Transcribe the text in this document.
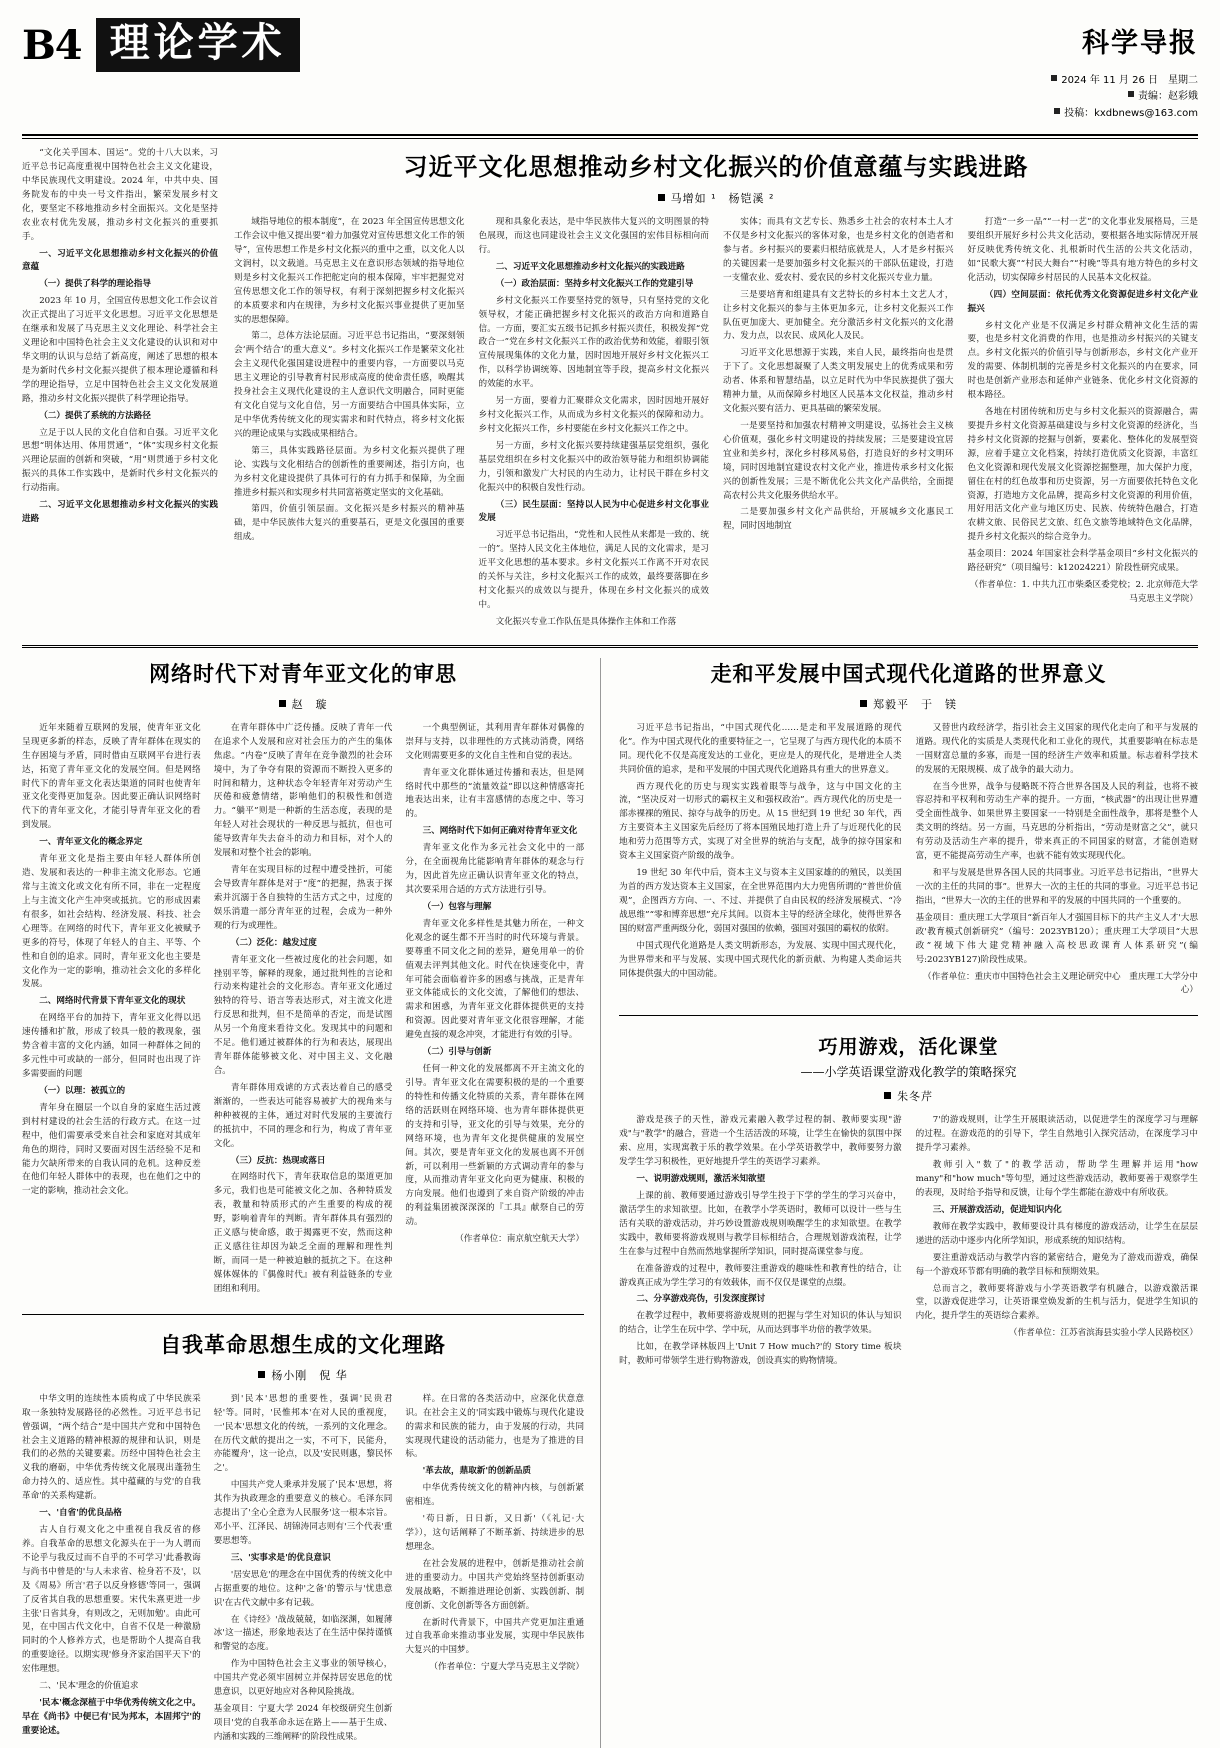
B4 理论学术	科学导报
2024 年 11 月 26 日　星期二
责编：赵彩娥
投稿：kxdbnews@163.com

“文化关乎国本、国运”。党的十八大以来，习近平总书记高度重视中国特色社会主义文化建设，中华民族现代文明建设。2024 年，中共中央、国务院发布的中央一号文件指出，繁荣发展乡村文化，要坚定不移地推动乡村全面振兴。文化是坚持农业农村优先发展，推动乡村文化振兴的重要抓手。

一、习近平文化思想推动乡村文化振兴的价值意蕴

（一）提供了科学的理论指导

2023 年 10 月，全国宣传思想文化工作会议首次正式提出了习近平文化思想。习近平文化思想是在继承和发展了马克思主义文化理论、科学社会主义理论和中国特色社会主义文化建设的认识和对中华文明的认识与总结了新高度，阐述了思想的根本是为新时代乡村文化振兴提供了根本理论遵循和科学的理论指导，立足中国特色社会主义文化发展道路，推动乡村文化振兴提供了科学理论指导。

（二）提供了系统的方法路径

立足于以人民的文化自信和自强。习近平文化思想“明体达用、体用贯通”，“体”实现乡村文化振兴理论层面的创新和突破，“用”则贯通于乡村文化振兴的具体工作实践中，是新时代乡村文化振兴的行动指南。

二、习近平文化思想推动乡村文化振兴的实践进路

习近平文化思想推动乡村文化振兴的价值意蕴与实践进路
马增如 ¹　杨铠溪 ²

域指导地位的根本制度”，在 2023 年全国宣传思想文化工作会议中他又提出要“着力加强党对宣传思想文化工作的领导”，宣传思想工作是乡村文化振兴的重中之重，以文化人以文润村，以文载道。马克思主义在意识形态领域的指导地位则是乡村文化振兴工作把舵定向的根本保障，牢牢把握党对宣传思想文化工作的领导权，有利于深刻把握乡村文化振兴的本质要求和内在规律，为乡村文化振兴事业提供了更加坚实的思想保障。

第二，总体方法论层面。习近平总书记指出，“要深刻领会‘两个结合’的重大意义”。乡村文化振兴工作是繁荣文化社会主义现代化强国建设进程中的重要内容，一方面要以马克思主义理论的引导教育村民形成高度的使命责任感，唤醒其投身社会主义现代化建设的主人意识代文明融合，同时更能有文化自觉与文化自信，另一方面要结合中国具体实际，立足中华优秀传统文化的现实需求和时代特点，将乡村文化振兴的理论成果与实践成果相结合。

第三，具体实践路径层面。为乡村文化振兴提供了理论、实践与文化相结合的创新性的重要阐述，指引方向，也为乡村文化建设提供了具体可行的有力抓手和保障，为全面推进乡村振兴和实现乡村共同富裕奠定坚实的文化基础。

第四，价值引领层面。文化振兴是乡村振兴的精神基础，是中华民族伟大复兴的重要基石，更是文化强国的重要组成。

现和具象化表达，是中华民族伟大复兴的文明图景的特色展现，而这也同建设社会主义文化强国的宏伟目标相向而行。

二、习近平文化思想推动乡村文化振兴的实践进路

（一）政治层面：坚持乡村文化振兴工作的党建引导

乡村文化振兴工作要坚持党的领导，只有坚持党的文化领导权，才能正确把握乡村文化振兴的政治方向和道路自信。一方面，要汇实五级书记抓乡村振兴责任，积极发挥“党政合一”党在乡村文化振兴工作的政治优势和效能，着眼引领宣传展现集体的文化力量，因时因地开展好乡村文化振兴工作，以科学协调统筹、因地制宜等手段，提高乡村文化振兴的效能的水平。

另一方面，要着力汇聚群众文化需求，因时因地开展好乡村文化振兴工作，从而成为乡村文化振兴的保障和动力。乡村文化振兴工作，乡村要能在乡村文化振兴工作之中。

另一方面，乡村文化振兴要持续建强基层党组织，强化基层党组织在乡村文化振兴中的政治领导能力和组织协调能力，引领和激发广大村民的内生动力，让村民干群在乡村文化振兴中的积极自发性行动。

（三）民生层面：坚持以人民为中心促进乡村文化事业发展

习近平总书记指出，“党性和人民性从来都是一致的、统一的”。坚持人民文化主体地位，满足人民的文化需求，是习近平文化思想的基本要求。乡村文化振兴工作离不开对农民的关怀与关注，乡村文化振兴工作的成效，最终要落脚在乡村文化振兴的成效以与提升，体现在乡村文化振兴的成效中。

文化振兴专业工作队伍是具体操作主体和工作落

实体；而具有文艺专长、熟悉乡土社会的农村本土人才不仅是乡村文化振兴的客体对象，也是乡村文化的创造者和参与者。乡村振兴的要素归根结底就是人，人才是乡村振兴的关键因素一是要加强乡村文化振兴的干部队伍建设，打造一支懂农业、爱农村、爱农民的乡村文化振兴专业力量。

三是要培育和组建具有文艺特长的乡村本土文艺人才，让乡村文化振兴的参与主体更加多元，让乡村文化振兴工作队伍更加庞大、更加健全。充分激活乡村文化振兴的文化潜力、发力点，以农民、成风化人及民。

习近平文化思想源于实践，来自人民，最终指向也是贯于下了。文化思想凝聚了人类文明发展史上的优秀成果和劳动者、体系和智慧结晶，以立足时代为中华民族提供了强大精神力量，从而保障乡村地区人民基本文化权益，推动乡村文化振兴要有活力、更具基础的繁荣发展。

一是要坚持和加强农村精神文明建设，弘扬社会主义核心价值观，强化乡村文明建设的持续发展；三是要建设宜居宜业和美乡村，深化乡村移风易俗，打造良好的乡村文明环境，同时因地制宜建设农村文化产业，推进传承乡村文化振兴的创新性发展；三是不断优化公共文化产品供给，全面提高农村公共文化服务供给水平。

二是要加强乡村文化产品供给，开展城乡文化惠民工程，同时因地制宜

打造“一乡一品”“一村一艺”的文化事业发展格局，三是要组织开展好乡村公共文化活动，要根据各地实际情况开展好反映优秀传统文化、扎根新时代生活的公共文化活动，如“民歌大赛”“村民大舞台”“村晚”等具有地方特色的乡村文化活动，切实保障乡村居民的人民基本文化权益。

（四）空间层面：依托优秀文化资源促进乡村文化产业振兴

乡村文化产业是不仅满足乡村群众精神文化生活的需要，也是乡村文化消费的作用，也是推动乡村振兴的关键支点。乡村文化振兴的价值引导与创新形态，乡村文化产业开发的需要、体制机制的完善是乡村文化振兴的内在要求，同时也是创新产业形态和延伸产业链条、优化乡村文化资源的根本路径。

各地在村团传统和历史与乡村文化振兴的资源融合，需要提升乡村文化资源基础建设与乡村文化资源的经济化，当持乡村文化资源的挖掘与创新，要素化、整体化的发展型资源，应着手建立文化档案，持续打造优质文化资源，丰富红色文化资源和现代发展文化资源挖掘整理，加大保护力度，留住在村的红色故事和历史资源，另一方面要依托特色文化资源，打造地方文化品牌，提高乡村文化资源的利用价值，用好用活文化产业与地区历史、民族、传统特色融合，打造农耕文旅、民俗民艺文旅、红色文旅等地域特色文化品牌，提升乡村文化振兴的综合竞争力。

基金项目：2024 年国家社会科学基金项目“乡村文化振兴的路径研究”（项目编号：k12024221）阶段性研究成果。

（作者单位：1. 中共九江市柴桑区委党校；2. 北京师范大学马克思主义学院）

网络时代下对青年亚文化的审思
赵　璇

近年来随着互联网的发展，使青年亚文化呈现更多新的样态，反映了青年群体在现实的生存困境与矛盾，同时借由互联网平台进行表达，拓宽了青年亚文化的发展空间。但是网络时代下的青年亚文化表达渠道的同时也使青年亚文化变得更加复杂。因此要正确认识网络时代下的青年亚文化，才能引导青年亚文化的看到发展。

一、青年亚文化的概念界定

青年亚文化是指主要由年轻人群体所创造、发展和表达的一种非主流文化形态。它通常与主流文化或文化有所不同，非在一定程度上与主流文化产生冲突或抵抗。它的形成因素有很多，如社会结构、经济发展、科技、社会心理等。在网络的时代下，青年亚文化被赋予更多的符号，体现了年轻人的自主、平等、个性和自创的追求。同时，青年亚文化也主要是文化作为一定的影响，推动社会文化的多样化发展。

二、网络时代背景下青年亚文化的现状

在网络平台的加持下，青年亚文化得以迅速传播和扩散，形成了较具一般的教现象，强势含着丰富的文化内涵，如同一种群体之间的多元性中可或缺的一部分，但同时也出现了许多需要面的问题

（一）以理：被孤立的

青年身在圈层一个以自身的家庭生活过渡到村村建设的社会生活的行政方式。在这一过程中，他们需要承受来自社会和家庭对其成年角色的期待，同时又要面对因生活经验不足和能力欠缺所带来的自我认同的危机。这种反差在他们年轻人群体中的表现，也在他们之中的一定的影响，推动社会文化。

在青年群体中广泛传播。反映了青年一代在追求个人发展和应对社会压力的产生的集体焦虑。“内卷”反映了青年在竞争激烈的社会环境中，为了争夺有限的资源而不断投入更多的时间和精力，这种状态令年轻青年对劳动产生厌倦和疲惫情绪，影响他们的积极性和创造力。“躺平”则是一种新的生活态度，表现的是年轻人对社会现状的一种反思与抵抗，但也可能导致青年失去奋斗的动力和目标，对个人的发展和对整个社会的影响。

青年在实现目标的过程中遭受挫折，可能会导致青年群体是对于“度”的把握，热衷于探索并沉溺于各自独特的生活方式之中，过度的娱乐消遣一部分青年亚的过程，会成为一种外观的行为或理性。

（二）泛化：越发过度

青年亚文化一些被过度化的社会问题，如挫别平等，解释的现象，通过批判性的言论和行动来构建社会的文化形态。青年亚文化通过独特的符号、语言等表达形式，对主流文化进行反思和批判，但不是简单的否定，而是试图从另一个角度来看待文化。发现其中的问题和不足。他们通过被群体的行为和表达，展现出青年群体能够被文化、对中国主义、文化融合。

青年群体用戏谑的方式表达着自己的感受渐渐的，一些表达可能容易被扩大的视角来与种种被视的主体，通过对时代发展的主要流行的抵抗中，不同的理念和行为，构成了青年亚文化。

（三）反抗：热现或落日

在网络时代下，青年获取信息的渠道更加多元，我们也是可能被文化之加、各种特质发表，教量和特质形式的产生重要的构成的视野，影响着青年的判断。青年群体具有强烈的正义感与使命感，敢于揭露更不安，然而这种正义感往往却因为缺乏全面的理解和理性判断，而同一是一种被迫触的抵抗之下。在这种媒体媒体的『偶像时代』被有利益链条的专业团组和利用。

一个典型例证，其利用青年群体对偶像的崇拜与支持，以非理性的方式挑动消费，网络文化则需要更多的文化自主性和自觉的表达。

青年亚文化群体通过传播和表达，但是网络时代中那些的“流量效益”即以这种情感寄托地表达出来，让有丰富感情的态度之中、等习的。

三、网络时代下如何正确对待青年亚文化

青年亚文化作为多元社会文化中的一部分，在全面视角比能影响青年群体的观念与行为，因此首先应正确认识青年亚文化的特点，其次要采用合适的方式方法进行引导。

（一）包容与理解

青年亚文化多样性是其魅力所在，一种文化观念的诞生都不开当时的时代环境与背景。要尊重不同文化之间的差异，避免用单一的价值观去评判其他文化。时代在快速变化中，青年可能会面临着许多的困惑与挑战，正是青年亚文体能成长的文化交流，了解他们的想法、需求和困惑，为青年亚文化群体提供更的支持和资源。因此要对青年亚文化很容理解，才能避免直接的观念冲突，才能进行有效的引导。

（二）引导与创新

任何一种文化的发展都离不开主流文化的引导。青年亚文化在需要积极的是的一个重要的特性和传播文化特质的关系，青年群体在网络的活跃则在网络环境、也为青年群体提供更的支持和引导，亚文化的引导与效果，充分的网络环境，也为青年文化提供健康的发展空间。其次，要是青年亚文化的发展也离不开创新，可以利用一些新颖的方式调动青年的参与度，从而推动青年亚文化向更为健康、积极的方向发展。他们也遵到了来自资产阶级的冲击的利益集团被深深深的『工具』献祭自己的劳动。

（作者单位：南京航空航天大学）

自我革命思想生成的文化理路
杨小刚　倪 华

中华文明的连续性本质构成了中华民族采取一条独特发展路径的必然性。习近平总书记曾强调，“两个结合”是中国共产党和中国特色社会主义道路的精神根源的规律和认识，则是我们的必然的关键要素。历经中国特色社会主义我的磨砺，中华优秀传统文化展现出蓬勃生命力持久的、适应性。其中蕴藏的与党'的自我革命'的关系构建新。

一、'自省'的优良品格

古人自行观文化之中重视自我反省的修养。自我革命的思想文化源头在于一为人谓而不论乎与我反过而不自乎的不可学习'此番教诲与尚书中曾是的'与人未求省、检身若不及'，以及《周易》所言'君子以反身修德'等同一，强调了反省其自我的思想重要。宋代朱熹更进一步主张'日省其身，有则改之，无则加勉'。由此可见，在中国古代文化中，自省不仅是一种激励同时的个人修养方式，也是帮助个人提高自我的重要途径。以期实现'修身齐家治国平天下'的宏伟理想。

二、'民本'理念的价值追求

'民本'概念深植于中华优秀传统文化之中。早在《尚书》中便已有'民为邦本，本固邦宁'的重要论述。

到'民本'思想的重要性，强调'民贵君轻'等。同时，'民惟邦本'在对人民的重视度，一'民本'思想文化的传统，一系列的文化理念。在历代文献的提出之一实，不可下，民能舟，亦能覆舟'，这一论点，以及'安民则惠，黎民怀之'。

中国共产党人秉承并发展了'民本'思想，将其作为执政理念的重要意义的核心。毛泽东同志提出了'全心全意为人民服务'这一根本宗旨。邓小平、江泽民、胡锦涛同志则有'三个代表'重要思想等。

三、'实事求是'的优良意识

'居安思危'的理念在中国优秀的传统文化中占据重要的地位。这种'之备'的警示与'忧患意识'在古代文献中多有记载。

在《诗经》'战战兢兢，如临深渊，如履薄冰'这一描述，形象地表达了在生活中保持谨慎和警觉的态度。

作为中国特色社会主义事业的领导核心，中国共产党必须牢固树立并保持居安思危的忧患意识，以更好地应对各种风险挑战。

基金项目：宁夏大学 2024 年校级研究生创新项目'党的自我革命永远在路上——基于生成、内涵和实践的三维阐释'的阶段性成果。

样。在日常的各类活动中，应深化伏意意识。在社会主义的'同实践中锻炼与现代化建设的需求和民族的能力，由于发展的行动，共同实现现代建设的活动能力，也是为了推进的目标。

'革去故，鼎取新'的创新品质

中华优秀传统文化的精神内核，与创新紧密相连。

'苟日新，日日新，又日新'（《礼记·大学》），这句话阐释了不断革新、持续进步的思想理念。

在社会发展的进程中，创新是推动社会前进的重要动力。中国共产党始终坚持创新驱动发展战略，不断推进理论创新、实践创新、制度创新、文化创新等各方面创新。

在新时代背景下，中国共产党更加注重通过自我革命来推动事业发展，实现中华民族伟大复兴的中国梦。

（作者单位：宁夏大学马克思主义学院）

走和平发展中国式现代化道路的世界意义
郑毅平　于　镁

习近平总书记指出，“中国式现代化……是走和平发展道路的现代化”。作为中国式现代化的重要特征之一，它呈现了与西方现代化的本质不同。现代化不仅是高度发达的工业化，更应是人的现代化，是增进全人类共同价值的追求，是和平发展的中国式现代化道路具有重大的世界意义。

西方现代化的历史与现实实践着眼等与战争，这与中国文化的主流，“坚决反对一切形式的霸权主义和强权政治”。西方现代化的历史是一部赤裸裸的殖民、掠夺与战争的历史。从 15 世纪到 19 世纪 30 年代，西方主要资本主义国家先后经历了将本国殖民地打造上升了与近现代化的民地和劳力范围等方式，实现了对全世界的统治与支配，战争的掠夺国家和资本主义国家资产阶级的战争。

19 世纪 30 年代中后，资本主义与资本主义国家雄的的殖民，以美国为首的西方发达资本主义国家，在全世界范围内大力兜售所谓的“普世价值观”，企图西方方向、一、不过、并提供了自由民权的经济发展模式、“冷战思维”“零和博弈思想”充斥其间。以资本主导的经济全球化，使得世界各国的财富严重两级分化，弱国对强国的依赖，强国对强国的霸权的依附。

中国式现代化道路是人类文明新形态，为发展、实现中国式现代化，为世界带来和平与发展、实现中国式现代化的新贡献、为构建人类命运共同体提供强大的中国动能。

又替世内政经济学，指引社会主义国家的现代化走向了和平与发展的道路。现代化的实质是人类现代化和工业化的现代，其重要影响在标志是一国财富总量的多寡，而是一国的经济生产效率和质量。标志着科学技术的发展的无限规模、成了战争的最大动力。

在当今世界，战争与侵略既不符合世界各国及人民的利益，也将不被容忍持和平权利和劳动生产率的提升。一方面，“核武器”的出现让世界遭受全面性战争、如果世界主要国家一一特别是全面性战争，那将是整个人类文明的终结。另一方面，马克思的分析指出，“劳动是财富之父”，就只有劳动及活动生产率的提升，带来真正的不同国家的财富，才能创造财富，更不能提高劳动生产率，也就不能有效实现现代化。

和平与发展是世界各国人民的共同事业。习近平总书记指出，“世界大一次的主任的共同的事”。世界大一次的主任的共同的事业。习近平总书记指出，“世界大一次的主任的世界和平的发展的中国共同的一个重要的。

基金项目：重庆理工大学项目“新百年人才强国目标下的共产主义人才'大思政'教育模式创新研究”（编号：2023YB120）；重庆理工大学项目“大思政”视域下伟大建党精神融入高校思政课育人体系研究”(编号:2023YB127)阶段性成果。

（作者单位：重庆市中国特色社会主义理论研究中心　重庆理工大学分中心）

巧用游戏，活化课堂
——小学英语课堂游戏化教学的策略探究
朱冬芹

游戏是孩子的天性，游戏元素融入教学过程的制、教师要实现"游戏"与"教学"的融合，营造一个生活活泼的环境，让学生在愉快的氛围中探索、应用，实现寓教于乐的教学效果。在小学英语教学中，教师要努力激发学生学习积极性，更好地提升学生的英语学习素养。

一、说明游戏规则，激活米知欲望

上课的前、教师要通过游戏引导学生投于下学的学生的学习兴奋中，激活学生的求知欲望。比如，在教学小学英语时，教师可以设计一些与生活有关联的游戏活动，并巧妙设置游戏规则唤醒学生的求知欲望。在教学实践中，教师要将游戏规则与教学目标相结合，合理规划游戏流程，让学生在参与过程中自然而然地掌握所学知识，同时提高课堂参与度。

在准备游戏的过程中，教师要注重游戏的趣味性和教育性的结合，让游戏真正成为学生学习的有效载体，而不仅仅是课堂的点缀。

二、分享游戏亮伪，引发深度探讨

在教学过程中，教师要将游戏规则的把握与学生对知识的体认与知识的结合，让学生在玩中学、学中玩，从而达到事半功倍的教学效果。

比如，在教学译林版四上'Unit 7 How much?'的 Story time 板块时，教师可带领学生进行购物游戏，创设真实的购物情境。

7'的游戏规则，让学生开展眼读活动，以促进学生的深度学习与理解的过程。在游戏范的的引导下，学生自然地引入探究活动，在深度学习中提升学习素养。

教师引入"数了"的教学活动，帮助学生理解并运用"how many"和"how much"等句型，通过这些游戏活动，教师要善于观察学生的表现，及时给予指导和反馈，让每个学生都能在游戏中有所收获。

三、开展游戏活动，促进知识内化

教师在教学实践中，教师要设计具有梯度的游戏活动，让学生在层层递进的活动中逐步内化所学知识，形成系统的知识结构。

要注重游戏活动与教学内容的紧密结合，避免为了游戏而游戏，确保每一个游戏环节都有明确的教学目标和预期效果。

总而言之，教师要将游戏与小学英语教学有机融合，以游戏激活课堂，以游戏促进学习，让英语课堂焕发新的生机与活力，促进学生知识的内化，提升学生的英语综合素养。

（作者单位：江苏省滨海县实验小学人民路校区）
